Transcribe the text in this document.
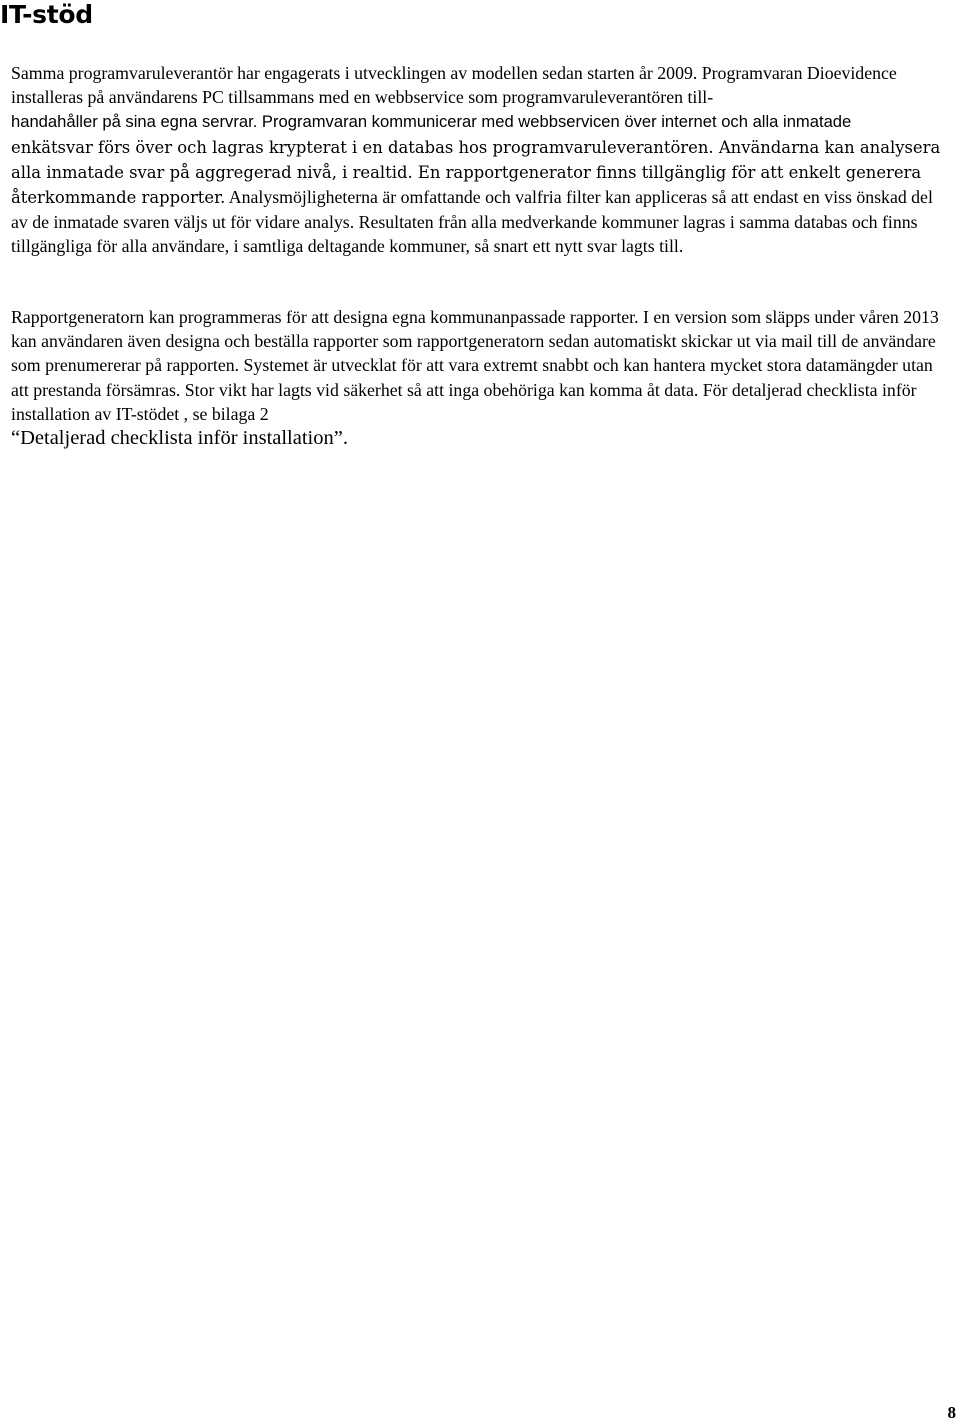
IT-stöd

Samma programvaruleverantör har engagerats i utvecklingen av modellen sedan starten år 2009. Programvaran Dioevidence installeras på användarens PC tillsammans med en webbservice som programvaruleverantören till-
handahåller på sina egna servrar. Programvaran kommunicerar med webbservicen över internet och alla inmatade
enkätsvar förs över och lagras krypterat i en databas hos programvaruleverantören. Användarna kan analysera alla inmatade svar på aggregerad nivå, i realtid. En rapportgenerator finns tillgänglig för att enkelt generera återkommande rapporter. Analysmöjligheterna är omfattande och valfria filter kan appliceras så att endast en viss önskad del av de inmatade svaren väljs ut för vidare analys. Resultaten från alla medverkande kommuner lagras i samma databas och finns tillgängliga för alla användare, i samtliga deltagande kommuner, så snart ett nytt svar lagts till.

Rapportgeneratorn kan programmeras för att designa egna kommunanpassade rapporter. I en version som släpps under våren 2013 kan användaren även designa och beställa rapporter som rapportgeneratorn sedan automatiskt skickar ut via mail till de användare som prenumererar på rapporten. Systemet är utvecklat för att vara extremt snabbt och kan hantera mycket stora datamängder utan att prestanda försämras. Stor vikt har lagts vid säkerhet så att inga obehöriga kan komma åt data. För detaljerad checklista inför installation av IT-stödet , se bilaga 2
“Detaljerad checklista inför installation”.

8
